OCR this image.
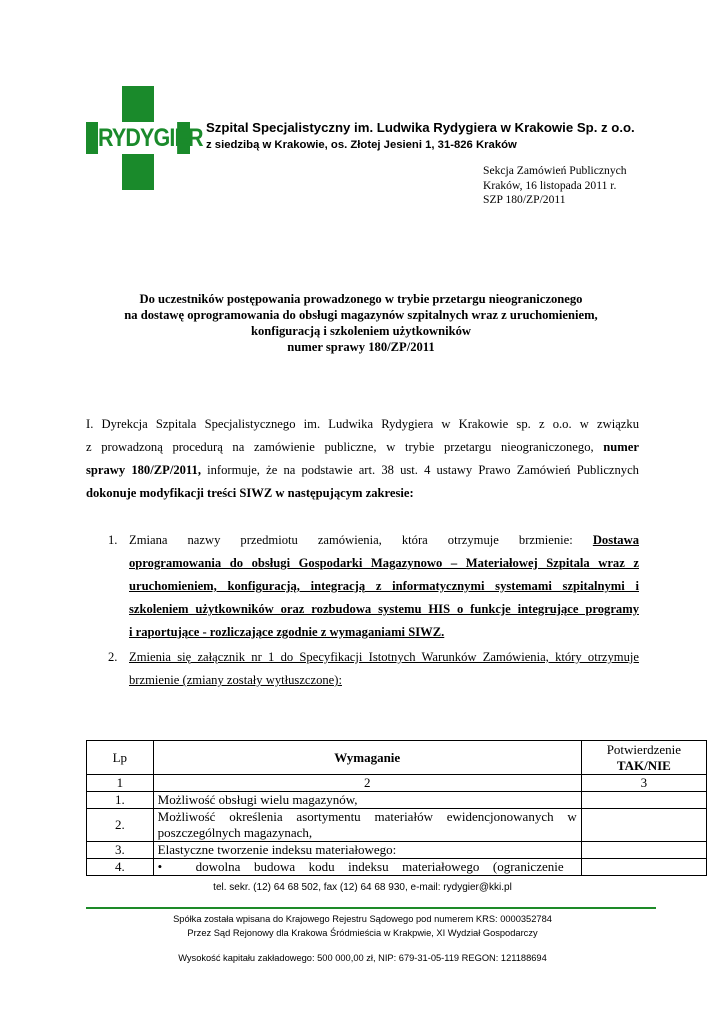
RYDYGIER
LUDWIK	Szpital Specjalistyczny im. Ludwika Rydygiera w Krakowie Sp. z o.o.
z siedzibą w Krakowie, os. Złotej Jesieni 1, 31-826 Kraków
Sekcja Zamówień Publicznych
Kraków, 16 listopada 2011 r.
SZP 180/ZP/2011
Do uczestników postępowania prowadzonego w trybie przetargu nieograniczonego
na dostawę oprogramowania do obsługi magazynów szpitalnych wraz z uruchomieniem,
konfiguracją i szkoleniem użytkowników
numer sprawy 180/ZP/2011

I. Dyrekcja Szpitala Specjalistycznego im. Ludwika Rydygiera w Krakowie sp. z o.o. w związku

z prowadzoną procedurą na zamówienie publiczne, w trybie przetargu nieograniczonego, numer

sprawy 180/ZP/2011, informuje, że na podstawie art. 38 ust. 4 ustawy Prawo Zamówień Publicznych

dokonuje modyfikacji treści SIWZ w następującym zakresie:

1. Zmiana nazwy przedmiotu zamówienia, która otrzymuje brzmienie: Dostawa
oprogramowania do obsługi Gospodarki Magazynowo – Materiałowej Szpitala wraz z
uruchomieniem, konfiguracją, integracją z informatycznymi systemami szpitalnymi i
szkoleniem użytkowników oraz rozbudowa systemu HIS o funkcje integrujące programy
i raportujące - rozliczające zgodnie z wymaganiami SIWZ.
2. Zmienia się załącznik nr 1 do Specyfikacji Istotnych Warunków Zamówienia, który otrzymuje
brzmienie (zmiany zostały wytłuszczone):
Lp	Wymaganie	Potwierdzenie
TAK/NIE

1	2	3
1.	Możliwość obsługi wielu magazynów,	
2.	Możliwość określenia asortymentu materiałów ewidencjonowanych w
poszczególnych magazynach,	

3.	Elastyczne tworzenie indeksu materiałowego:	
4.	• dowolna budowa kodu indeksu materiałowego (ograniczenie	
tel. sekr. (12) 64 68 502, fax (12) 64 68 930, e-mail: rydygier@kki.pl
Spółka została wpisana do Krajowego Rejestru Sądowego pod numerem KRS: 0000352784
Przez Sąd Rejonowy dla Krakowa Śródmieścia w Krakpwie, XI Wydział Gospodarczy
Wysokość kapitału zakładowego: 500 000,00 zł, NIP: 679-31-05-119 REGON: 121188694
